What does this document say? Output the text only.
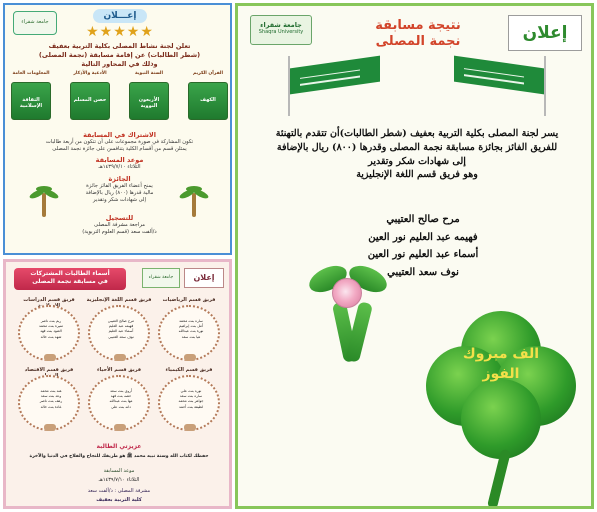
جامعة شقراء
إعـــلان
★★★★★
تعلن لجنة نشاط المصلى بكلية التربية بعفيف
(شطر الطالبات) عن إقامة مسابقة (نجمة المصلى)
وذلك في المحاور التالية
القرآن الكريم
الكهف
السنة النبوية
الأربعون النووية
الأدعية والأذكار
حصن المسلم
المعلومات العامة
الثقافة الإسلامية
الاشتراك في المسابقة
تكون المشاركة في صورة مجموعات على أن تتكون من أربعة طالبات
يمثلن قسم من أقسام الكلية يتنافسن على جائزة نجمة المصلى
موعد المسابقة
الثلاثاء ١٤٣٩/٧/١٠هـ
الجائزة
يمنح أعضاء الفريق الفائز جائزة
مالية قدرها (٨٠٠) ريال بالإضافة
إلى شهادات شكر وتقدير
للتسجيل
مراجعة مشرفة المصلى
د/ألفت سعد (قسم العلوم التربوية)
إعلان
جامعة شقراء
أسماء الطالبات المشتركات
في مسابقة نجمة المصلى
فريق قسم الرياضيات
ساره بنت محمد
أمل بنت إبراهيم
نورة بنت عبدالله
هيا بنت سعد
فريق قسم اللغة الإنجليزية
مرح صالح العتيبي
فهيمه عبد العليم
أسماء عبد العليم
نوف سعد العتيبي
فريق قسم الدراسات
ريم بنت ناصر
منيرة بنت محمد
العنود بنت فهد
شهد بنت خالد
فريق قسم الكيمياء
نوره بنت علي
ساره بنت سعد
جواهر بنت محمد
لطيفة بنت أحمد
فريق قسم الأحياء
أروى بنت سعد
حصه بنت فهد
مها بنت عبدالله
دانه بنت علي
فريق قسم الاقتصاد
هند بنت محمد
وعد بنت سعد
رهف بنت ناصر
غادة بنت خالد
عزيزتي الطالبة
حفظك لكتاب الله وسنة نبيه محمد ﷺ هو طريقك للنجاح والفلاح في الدنيا والآخرة
موعد المسابقة
الثلاثاء ١٤٣٩/٧/١٠هـ
مشرفة المصلى : د/ألفت سعد
كلية التربية بعفيف
جامعة شقراء
Shaqra University	إعلان
نتيجة مسابقة
نجمة المصلى
يسر لجنة المصلى بكلية التربية بعفيف (شطر الطالبات)أن تتقدم بالتهنئة
للفريق الفائز بجائزة مسابقة نجمة المصلى وقدرها (٨٠٠) ريال بالإضافة
إلى شهادات شكر وتقدير
وهو فريق قسم اللغة الإنجليزية
مرح صالح العتيبي
فهيمه عبد العليم نور العين
أسماء عبد العليم نور العين
نوف سعد العتيبي
الف مبروك
الفوز
